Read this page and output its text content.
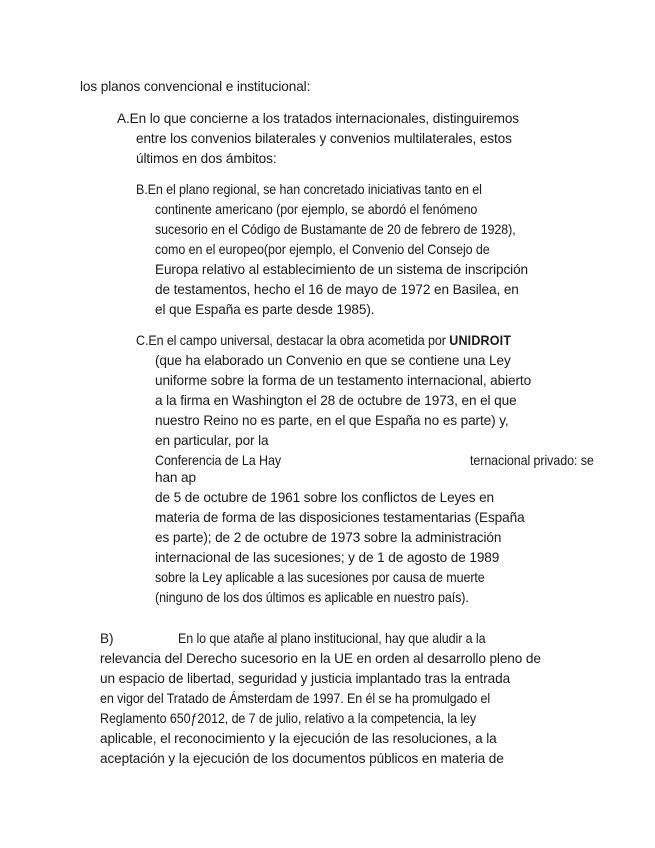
los planos convencional e institucional:
A.En lo que concierne a los tratados internacionales, distinguiremos
entre los convenios bilaterales y convenios multilaterales, estos
últimos en dos ámbitos:
B.En el plano regional, se han concretado iniciativas tanto en el
continente americano (por ejemplo, se abordó el fenómeno
sucesorio en el Código de Bustamante de 20 de febrero de 1928),
como en el europeo(por ejemplo, el Convenio del Consejo de
Europa relativo al establecimiento de un sistema de inscripción
de testamentos, hecho el 16 de mayo de 1972 en Basilea, en
el que España es parte desde 1985).
C.En el campo universal, destacar la obra acometida por UNIDROIT
(que ha elaborado un Convenio en que se contiene una Ley
uniforme sobre la forma de un testamento internacional, abierto
a la firma en Washington el 28 de octubre de 1973, en el que
nuestro Reino no es parte, en el que España no es parte) y,
en particular, por la
Conferencia de La Hay	ternacional privado: se
han ap
de 5 de octubre de 1961 sobre los conflictos de Leyes en
materia de forma de las disposiciones testamentarias (España
es parte); de 2 de octubre de 1973 sobre la administración
internacional de las sucesiones; y de 1 de agosto de 1989
sobre la Ley aplicable a las sucesiones por causa de muerte
(ninguno de los dos últimos es aplicable en nuestro país).
B)	En lo que atañe al plano institucional, hay que aludir a la
relevancia del Derecho sucesorio en la UE en orden al desarrollo pleno de
un espacio de libertad, seguridad y justicia implantado tras la entrada
en vigor del Tratado de Ámsterdam de 1997. En él se ha promulgado el
Reglamento 650ƒ2012, de 7 de julio, relativo a la competencia, la ley
aplicable, el reconocimiento y la ejecución de las resoluciones, a la
aceptación y la ejecución de los documentos públicos en materia de
